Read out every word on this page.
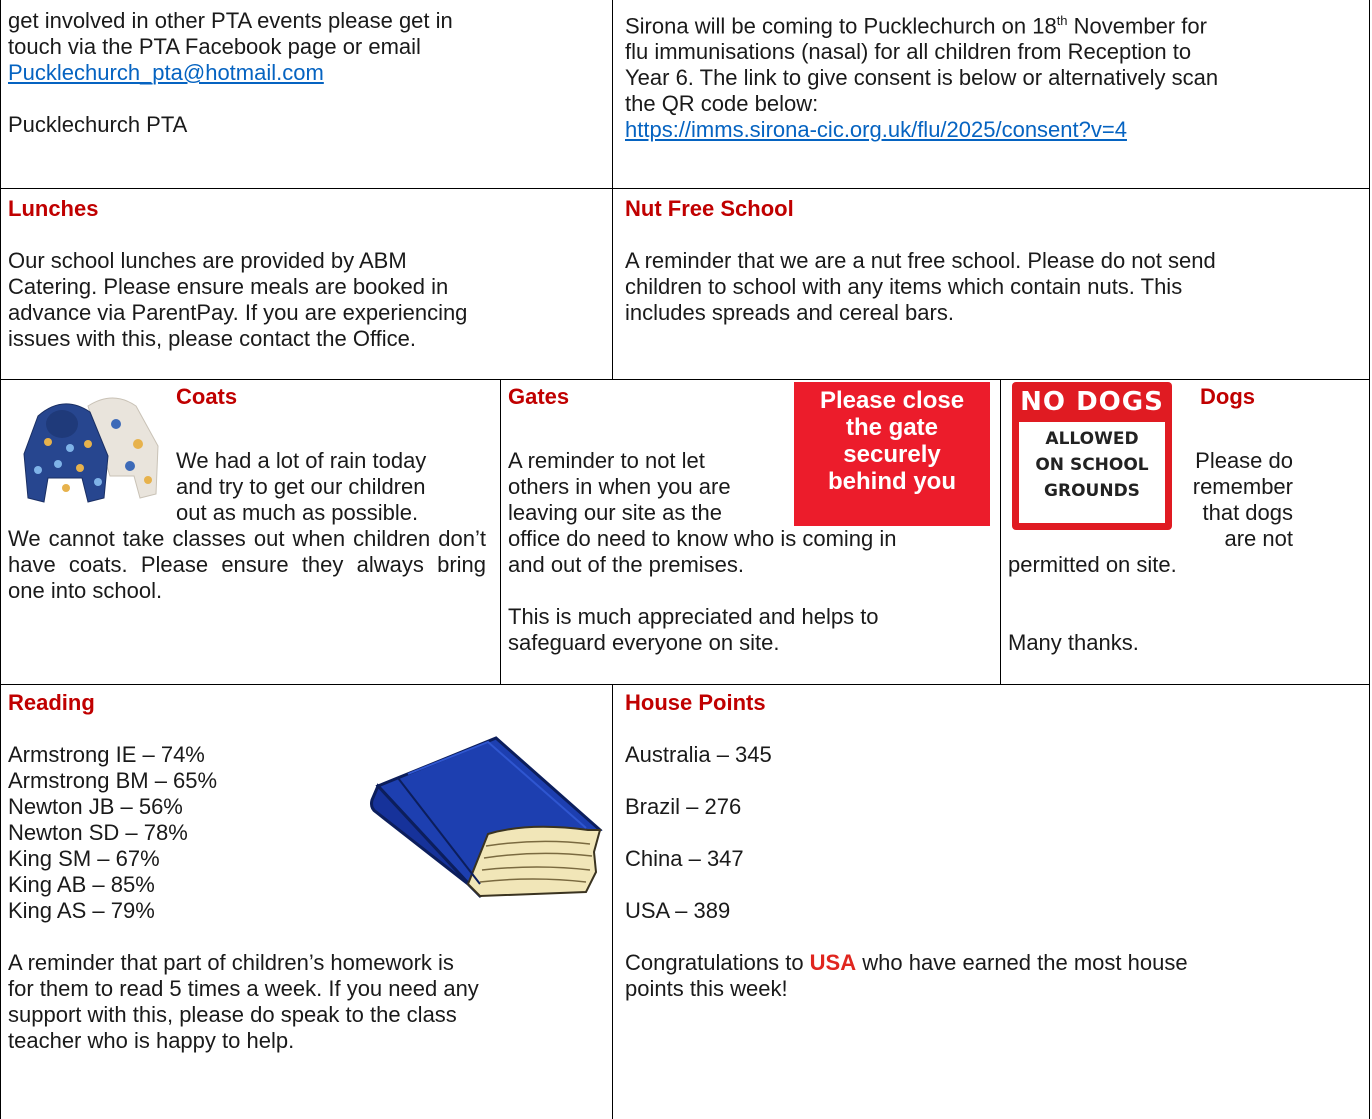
get involved in other PTA events please get in

touch via the PTA Facebook page or email

Pucklechurch_pta@hotmail.com

Pucklechurch PTA

Sirona will be coming to Pucklechurch on 18th November for

flu immunisations (nasal) for all children from Reception to

Year 6. The link to give consent is below or alternatively scan

the QR code below:

https://imms.sirona-cic.org.uk/flu/2025/consent?v=4

Lunches

Our school lunches are provided by ABM

Catering. Please ensure meals are booked in

advance via ParentPay. If you are experiencing

issues with this, please contact the Office.

Nut Free School

A reminder that we are a nut free school. Please do not send

children to school with any items which contain nuts. This

includes spreads and cereal bars.

Coats

We had a lot of rain today

and try to get our children

out as much as possible.

We cannot take classes out when children don’t have coats. Please ensure they always bring one into school.

Gates	Please close
the gate
securely
behind you

A reminder to not let

others in when you are

leaving our site as the

office do need to know who is coming in

and out of the premises.

This is much appreciated and helps to

safeguard everyone on site.

NO DOGS
ALLOWED
ON SCHOOL
GROUNDS

Dogs

Please do

remember

that dogs

are not

permitted on site.

Many thanks.

Reading

Armstrong IE – 74%

Armstrong BM – 65%

Newton JB – 56%

Newton SD – 78%

King SM – 67%

King AB – 85%

King AS – 79%

A reminder that part of children’s homework is

for them to read 5 times a week. If you need any

support with this, please do speak to the class

teacher who is happy to help.

House Points

Australia – 345

Brazil – 276

China – 347

USA – 389

Congratulations to USA who have earned the most house

points this week!
